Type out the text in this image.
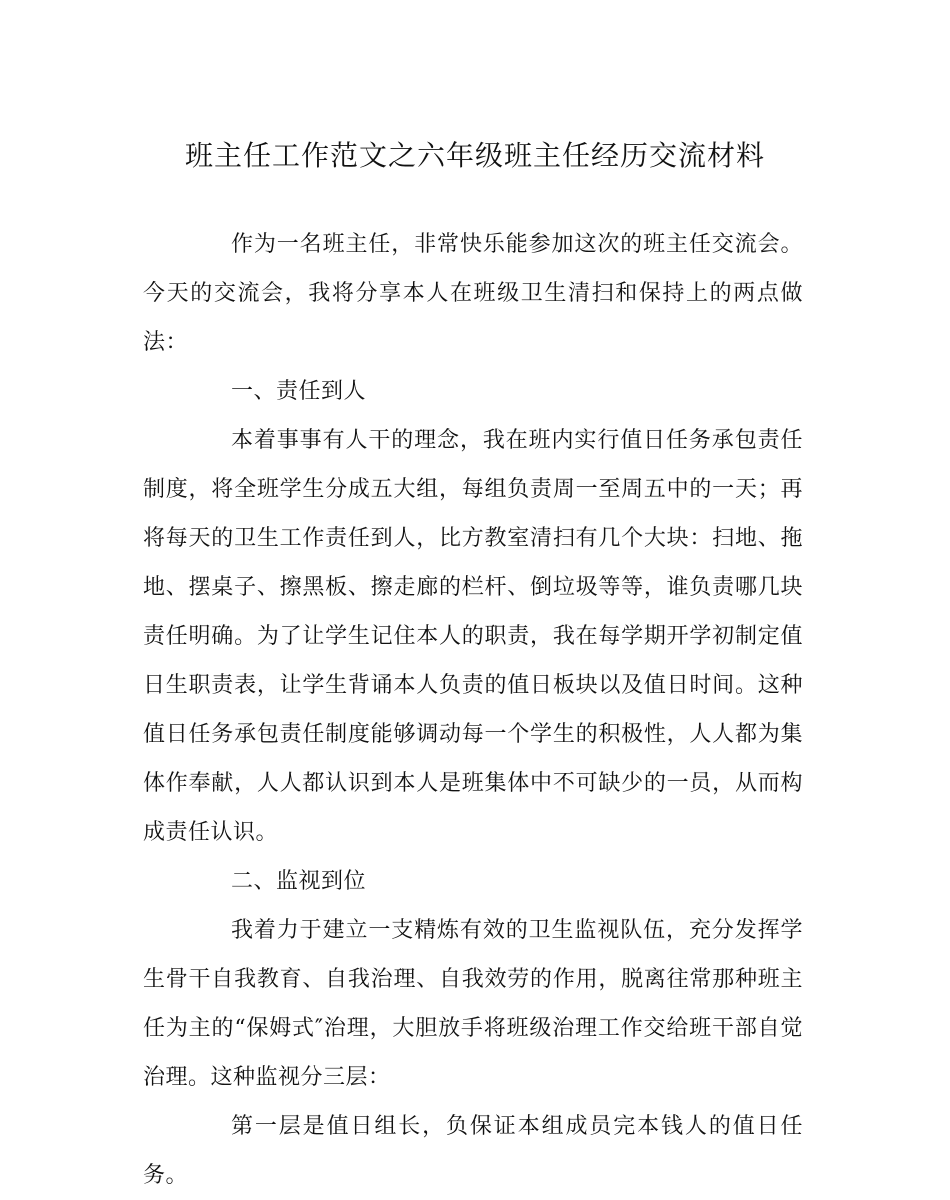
班主任工作范文之六年级班主任经历交流材料

作为一名班主任，非常快乐能参加这次的班主任交流会。今天的交流会，我将分享本人在班级卫生清扫和保持上的两点做法：

一、责任到人

本着事事有人干的理念，我在班内实行值日任务承包责任制度，将全班学生分成五大组，每组负责周一至周五中的一天；再将每天的卫生工作责任到人，比方教室清扫有几个大块：扫地、拖地、摆桌子、擦黑板、擦走廊的栏杆、倒垃圾等等，谁负责哪几块责任明确。为了让学生记住本人的职责，我在每学期开学初制定值日生职责表，让学生背诵本人负责的值日板块以及值日时间。这种值日任务承包责任制度能够调动每一个学生的积极性，人人都为集体作奉献，人人都认识到本人是班集体中不可缺少的一员，从而构成责任认识。

二、监视到位

我着力于建立一支精炼有效的卫生监视队伍，充分发挥学生骨干自我教育、自我治理、自我效劳的作用，脱离往常那种班主任为主的“保姆式″治理，大胆放手将班级治理工作交给班干部自觉治理。这种监视分三层：

第一层是值日组长，负保证本组成员完本钱人的值日任务。
